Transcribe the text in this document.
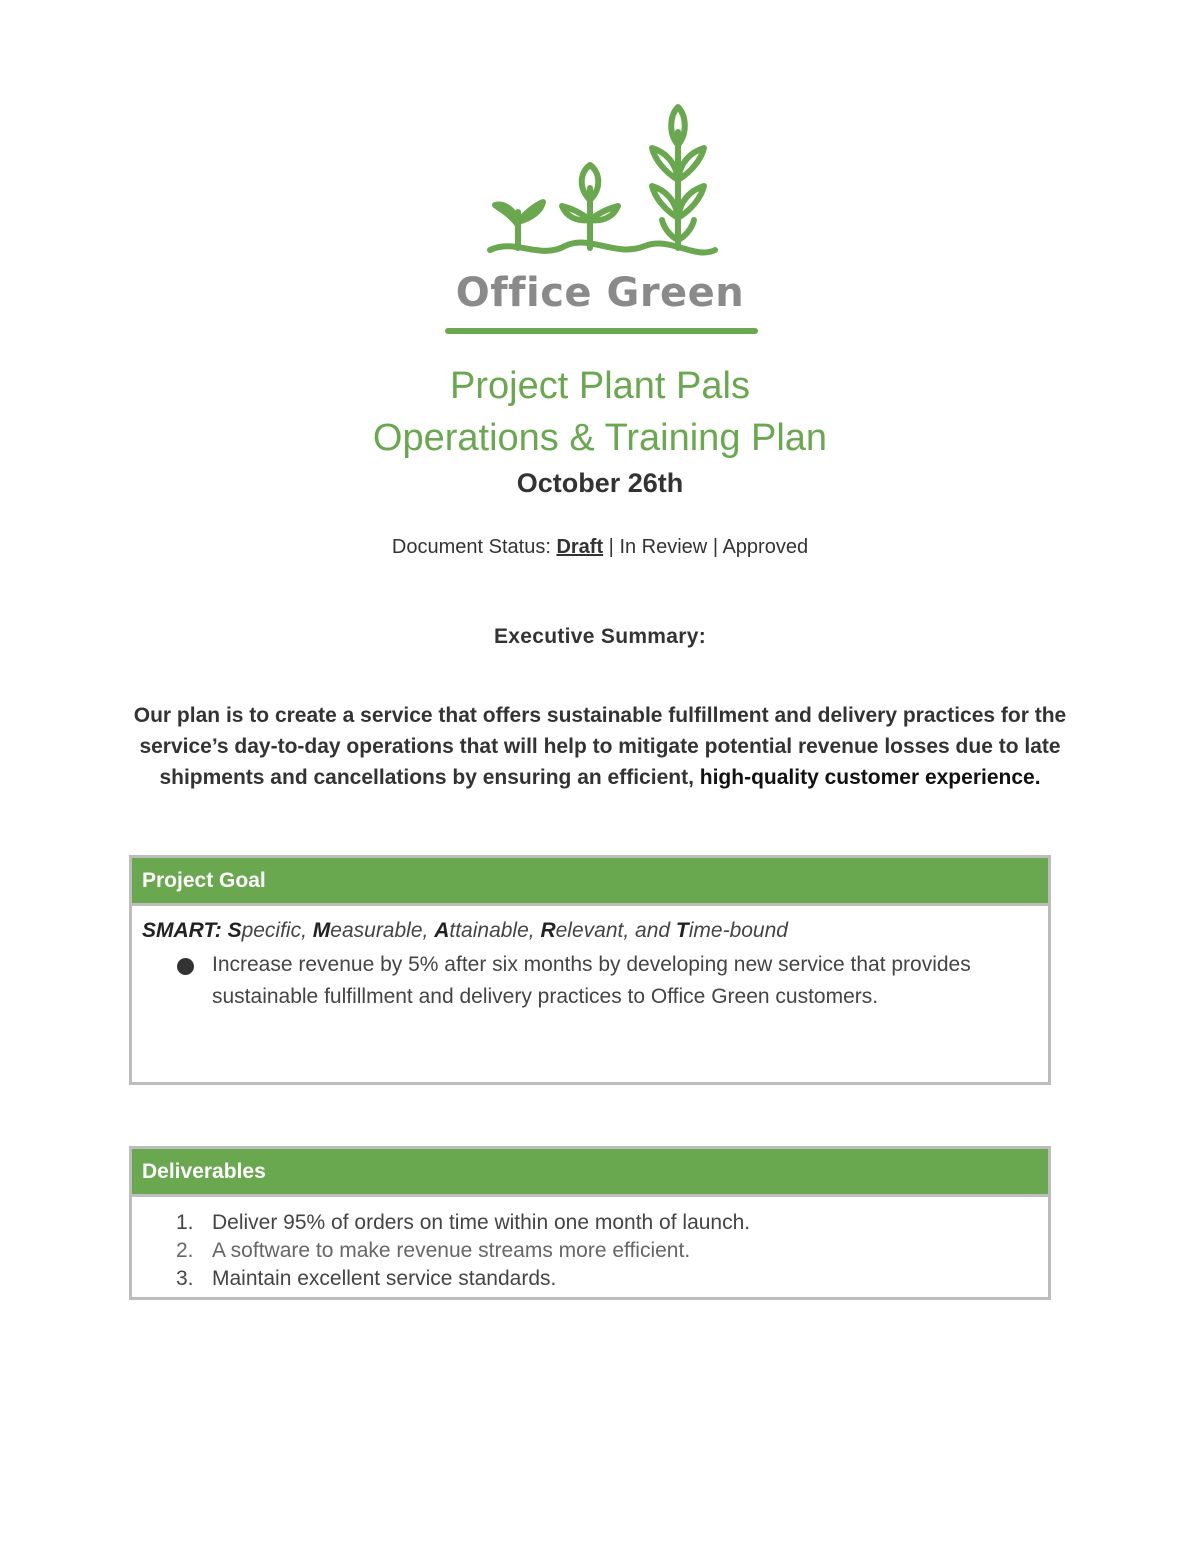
Office Green
Project Plant Pals
Operations & Training Plan
October 26th
Document Status: Draft | In Review | Approved
Executive Summary:
Our plan is to create a service that offers sustainable fulfillment and delivery practices for the service’s day-to-day operations that will help to mitigate potential revenue losses due to late shipments and cancellations by ensuring an efficient, high-quality customer experience.
Project Goal
SMART: Specific, Measurable, Attainable, Relevant, and Time-bound
Increase revenue by 5% after six months by developing new service that provides sustainable fulfillment and delivery practices to Office Green customers.
Deliverables
1. Deliver 95% of orders on time within one month of launch.
2. A software to make revenue streams more efficient.
3. Maintain excellent service standards.
